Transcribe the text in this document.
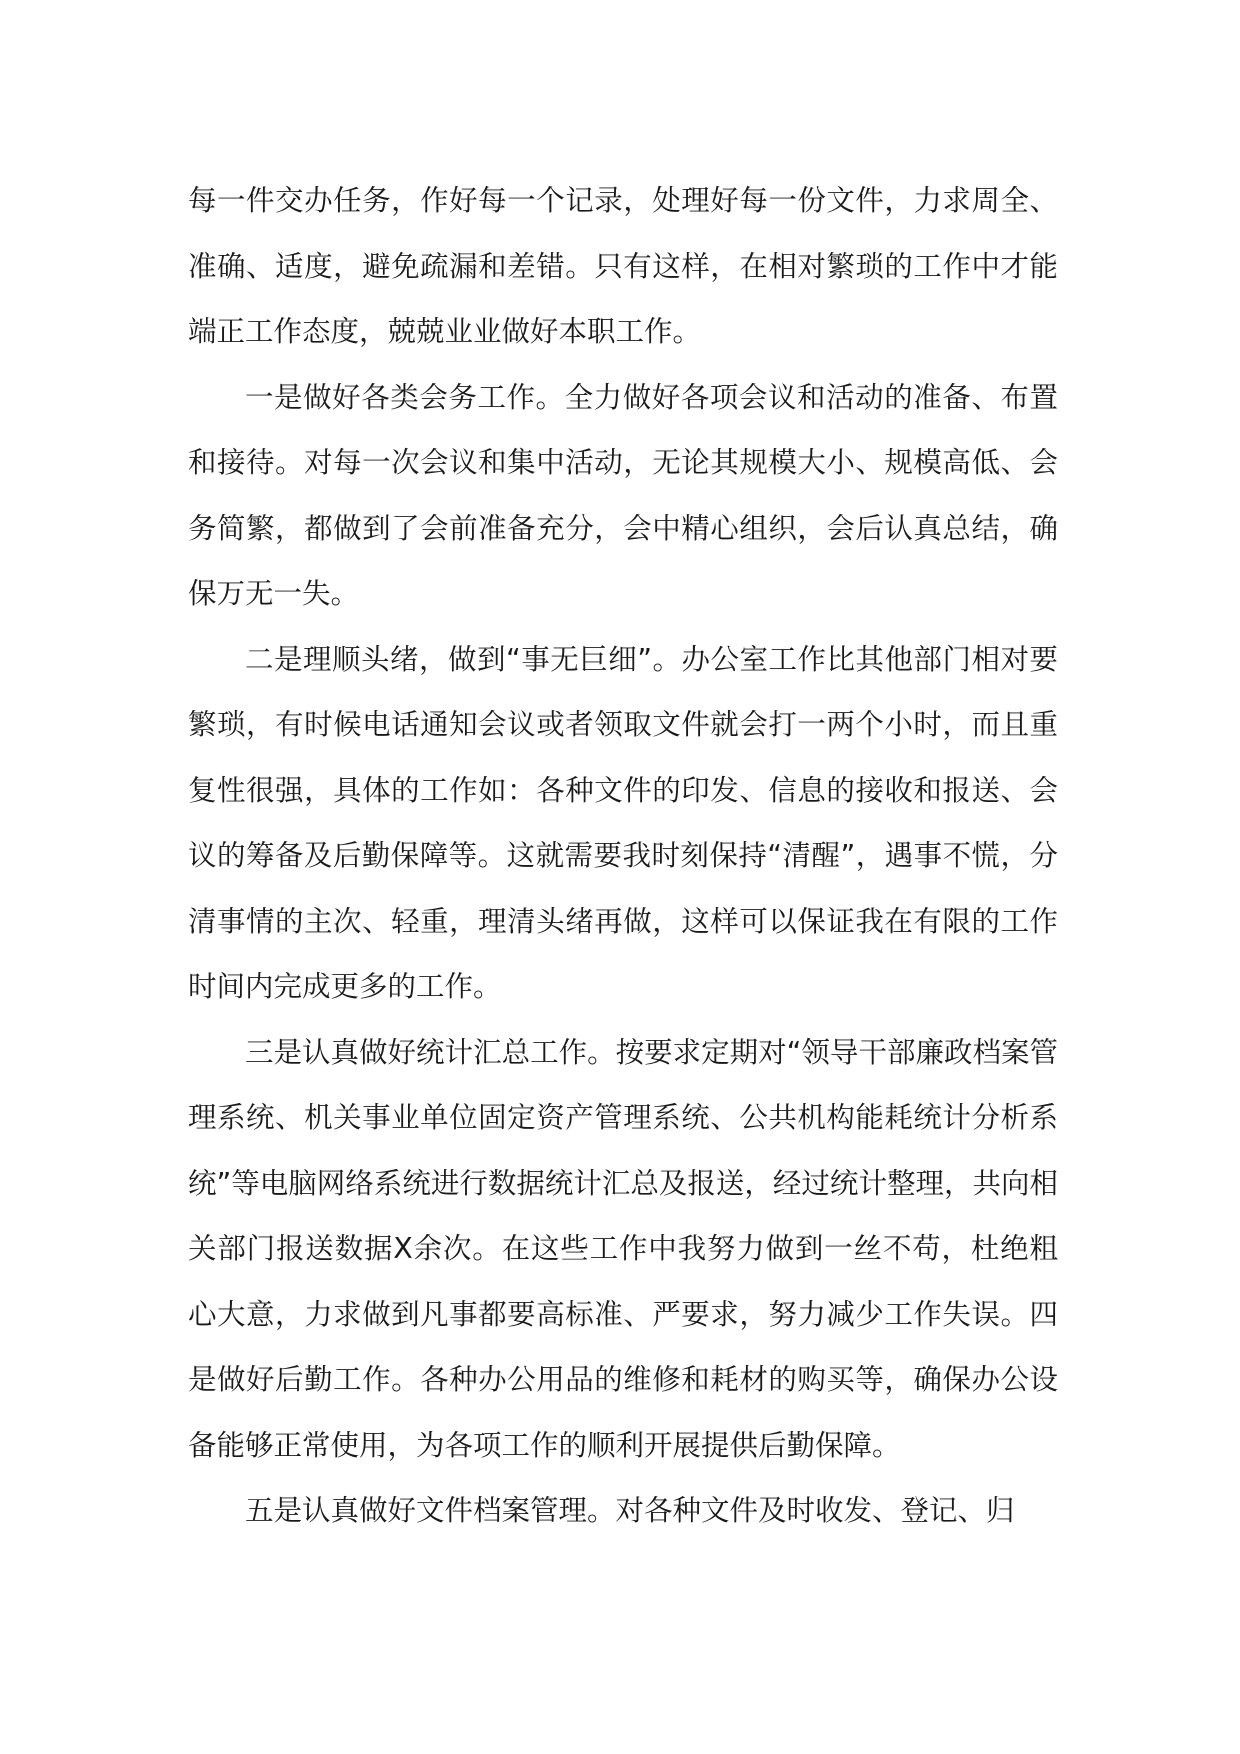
每一件交办任务，作好每一个记录，处理好每一份文件，力求周全、准确、适度，避免疏漏和差错。只有这样，在相对繁琐的工作中才能端正工作态度，兢兢业业做好本职工作。

一是做好各类会务工作。全力做好各项会议和活动的准备、布置和接待。对每一次会议和集中活动，无论其规模大小、规模高低、会务简繁，都做到了会前准备充分，会中精心组织，会后认真总结，确保万无一失。

二是理顺头绪，做到“事无巨细”。办公室工作比其他部门相对要繁琐，有时候电话通知会议或者领取文件就会打一两个小时，而且重复性很强，具体的工作如：各种文件的印发、信息的接收和报送、会议的筹备及后勤保障等。这就需要我时刻保持“清醒”，遇事不慌，分清事情的主次、轻重，理清头绪再做，这样可以保证我在有限的工作时间内完成更多的工作。

三是认真做好统计汇总工作。按要求定期对“领导干部廉政档案管理系统、机关事业单位固定资产管理系统、公共机构能耗统计分析系统”等电脑网络系统进行数据统计汇总及报送，经过统计整理，共向相关部门报送数据X余次。在这些工作中我努力做到一丝不苟，杜绝粗心大意，力求做到凡事都要高标准、严要求，努力减少工作失误。四是做好后勤工作。各种办公用品的维修和耗材的购买等，确保办公设备能够正常使用，为各项工作的顺利开展提供后勤保障。

五是认真做好文件档案管理。对各种文件及时收发、登记、归
